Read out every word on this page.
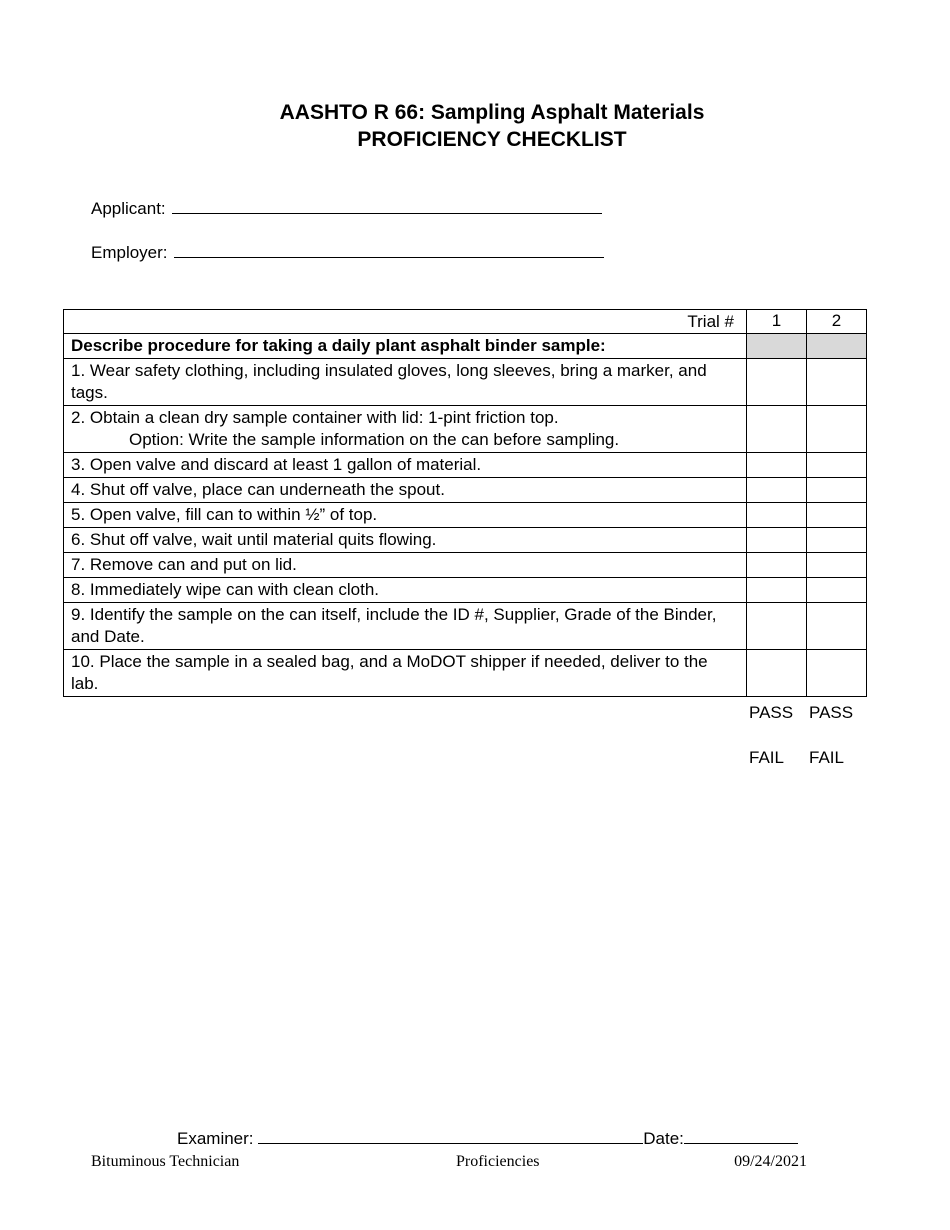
AASHTO R 66: Sampling Asphalt Materials
PROFICIENCY CHECKLIST
Applicant:
Employer:
Trial #	1	2
Describe procedure for taking a daily plant asphalt binder sample:		
1. Wear safety clothing, including insulated gloves, long sleeves, bring a marker, and tags.		
2. Obtain a clean dry sample container with lid: 1-pint friction top.
Option: Write the sample information on the can before sampling.		

3. Open valve and discard at least 1 gallon of material.		
4. Shut off valve, place can underneath the spout.		
5. Open valve, fill can to within ½” of top.		
6. Shut off valve, wait until material quits flowing.		
7. Remove can and put on lid.		
8. Immediately wipe can with clean cloth.		
9. Identify the sample on the can itself, include the ID #, Supplier, Grade of the Binder, and Date.		
10. Place the sample in a sealed bag, and a MoDOT shipper if needed, deliver to the lab.		
PASS PASS
FAIL FAIL
Examiner:	Date:
Bituminous Technician	Proficiencies	09/24/2021
